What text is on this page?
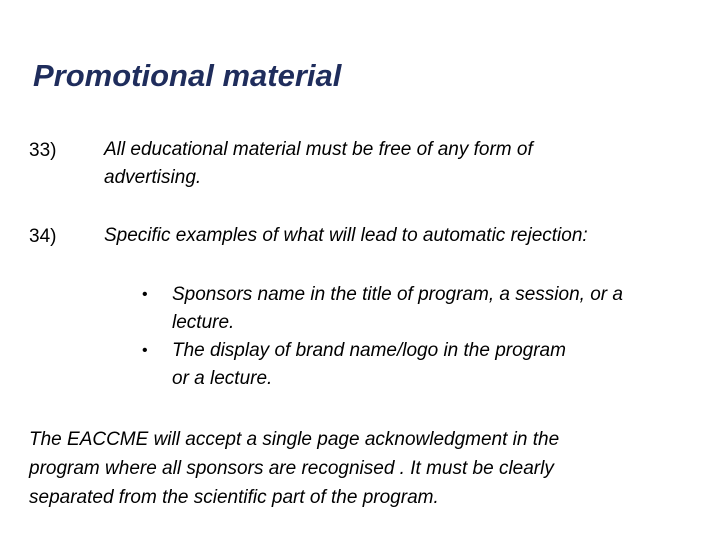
Promotional material
33)	All educational material must be free of any form of
advertising.
34)	Specific examples of what will lead to automatic rejection:
• Sponsors name in the title of program, a session, or a
lecture.
• The display of brand name/logo in the program
or a lecture.
The EACCME will accept a single page acknowledgment in the
program where all sponsors are recognised . It must be clearly
separated from the scientific part of the program.
